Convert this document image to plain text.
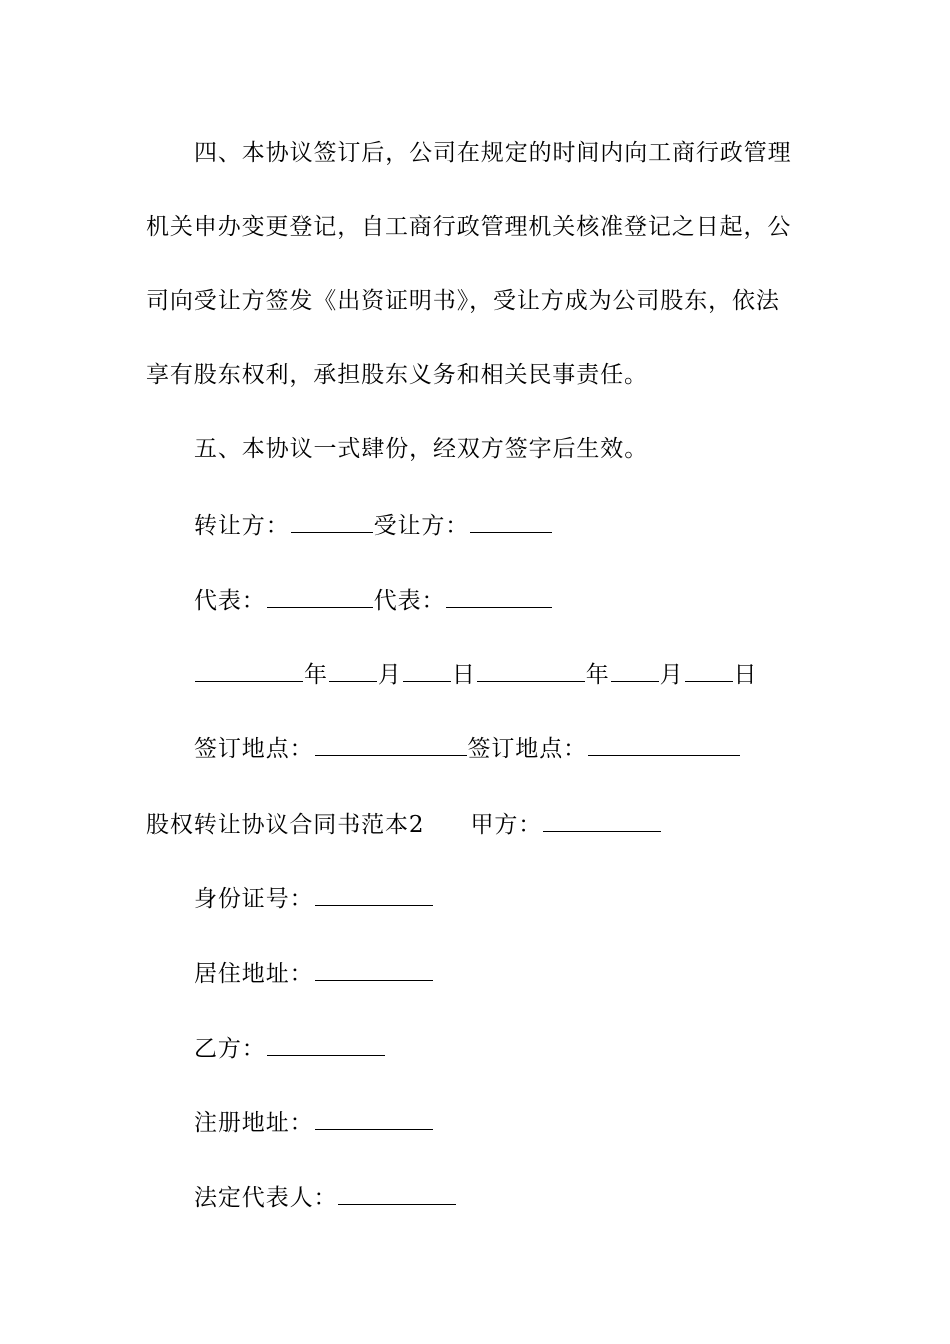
四、本协议签订后，公司在规定的时间内向工商行政管理
机关申办变更登记，自工商行政管理机关核准登记之日起，公
司向受让方签发《出资证明书》，受让方成为公司股东，依法
享有股东权利，承担股东义务和相关民事责任。
五、本协议一式肆份，经双方签字后生效。
转让方：	受让方：
代表：	代表：
年 月 日	年 月 日
签订地点：	签订地点：
股权转让协议合同书范本2 甲方：
身份证号：
居住地址：
乙方：
注册地址：
法定代表人：
